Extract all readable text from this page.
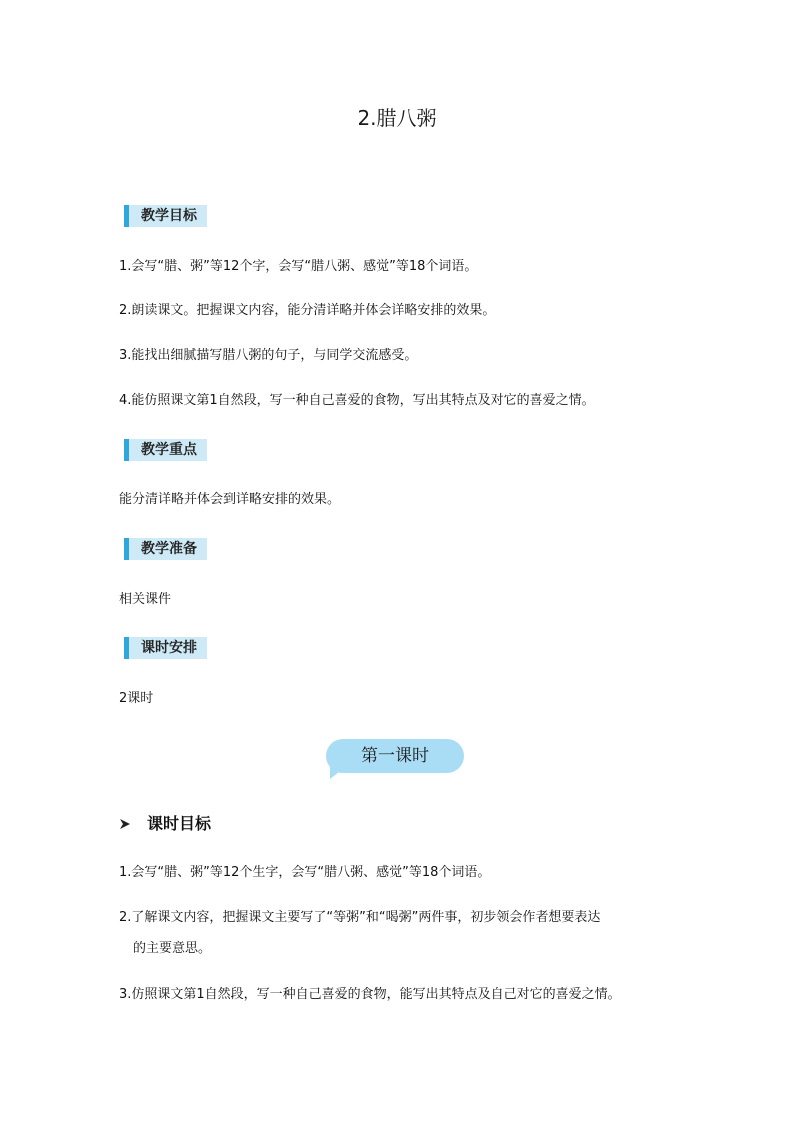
2.腊八粥
教学目标
1.会写“腊、粥”等12个字，会写“腊八粥、感觉”等18个词语。
2.朗读课文。把握课文内容，能分清详略并体会详略安排的效果。
3.能找出细腻描写腊八粥的句子，与同学交流感受。
4.能仿照课文第1自然段，写一种自己喜爱的食物，写出其特点及对它的喜爱之情。
教学重点
能分清详略并体会到详略安排的效果。
教学准备
相关课件
课时安排
2课时
第一课时
课时目标
1.会写“腊、粥”等12个生字，会写“腊八粥、感觉”等18个词语。
2.了解课文内容，把握课文主要写了“等粥”和“喝粥”两件事，初步领会作者想要表达
的主要意思。
3.仿照课文第1自然段，写一种自己喜爱的食物，能写出其特点及自己对它的喜爱之情。
